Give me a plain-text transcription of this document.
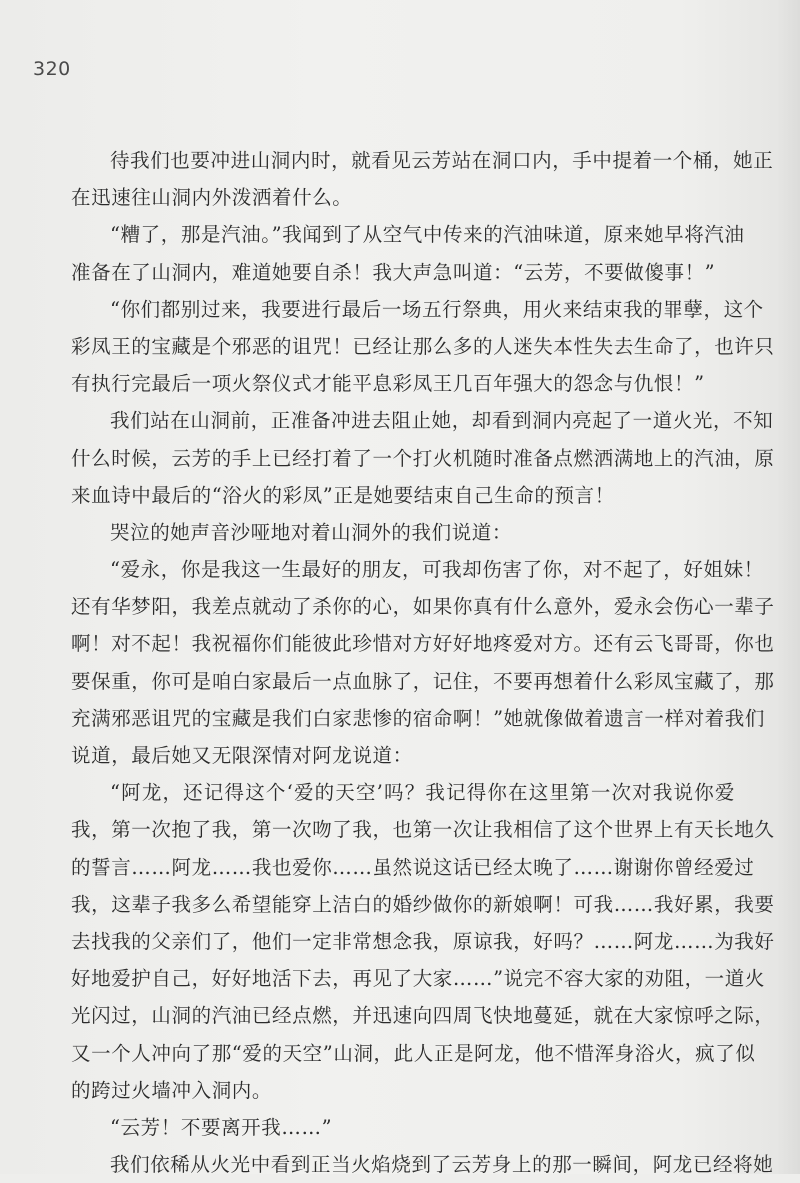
320
待我们也要冲进山洞内时，就看见云芳站在洞口内，手中提着一个桶，她正
在迅速往山洞内外泼洒着什么。
“糟了，那是汽油。”我闻到了从空气中传来的汽油味道，原来她早将汽油
准备在了山洞内，难道她要自杀！我大声急叫道：“云芳，不要做傻事！”
“你们都别过来，我要进行最后一场五行祭典，用火来结束我的罪孽，这个
彩凤王的宝藏是个邪恶的诅咒！已经让那么多的人迷失本性失去生命了，也许只
有执行完最后一项火祭仪式才能平息彩凤王几百年强大的怨念与仇恨！”
我们站在山洞前，正准备冲进去阻止她，却看到洞内亮起了一道火光，不知
什么时候，云芳的手上已经打着了一个打火机随时准备点燃洒满地上的汽油，原
来血诗中最后的“浴火的彩凤”正是她要结束自己生命的预言！
哭泣的她声音沙哑地对着山洞外的我们说道：
“爱永，你是我这一生最好的朋友，可我却伤害了你，对不起了，好姐妹！
还有华梦阳，我差点就动了杀你的心，如果你真有什么意外，爱永会伤心一辈子
啊！对不起！我祝福你们能彼此珍惜对方好好地疼爱对方。还有云飞哥哥，你也
要保重，你可是咱白家最后一点血脉了，记住，不要再想着什么彩凤宝藏了，那
充满邪恶诅咒的宝藏是我们白家悲惨的宿命啊！”她就像做着遗言一样对着我们
说道，最后她又无限深情对阿龙说道：
“阿龙，还记得这个‘爱的天空’吗？我记得你在这里第一次对我说你爱
我，第一次抱了我，第一次吻了我，也第一次让我相信了这个世界上有天长地久
的誓言……阿龙……我也爱你……虽然说这话已经太晚了……谢谢你曾经爱过
我，这辈子我多么希望能穿上洁白的婚纱做你的新娘啊！可我……我好累，我要
去找我的父亲们了，他们一定非常想念我，原谅我，好吗？……阿龙……为我好
好地爱护自己，好好地活下去，再见了大家……”说完不容大家的劝阻，一道火
光闪过，山洞的汽油已经点燃，并迅速向四周飞快地蔓延，就在大家惊呼之际，
又一个人冲向了那“爱的天空”山洞，此人正是阿龙，他不惜浑身浴火，疯了似
的跨过火墙冲入洞内。
“云芳！不要离开我……”
我们依稀从火光中看到正当火焰烧到了云芳身上的那一瞬间，阿龙已经将她
